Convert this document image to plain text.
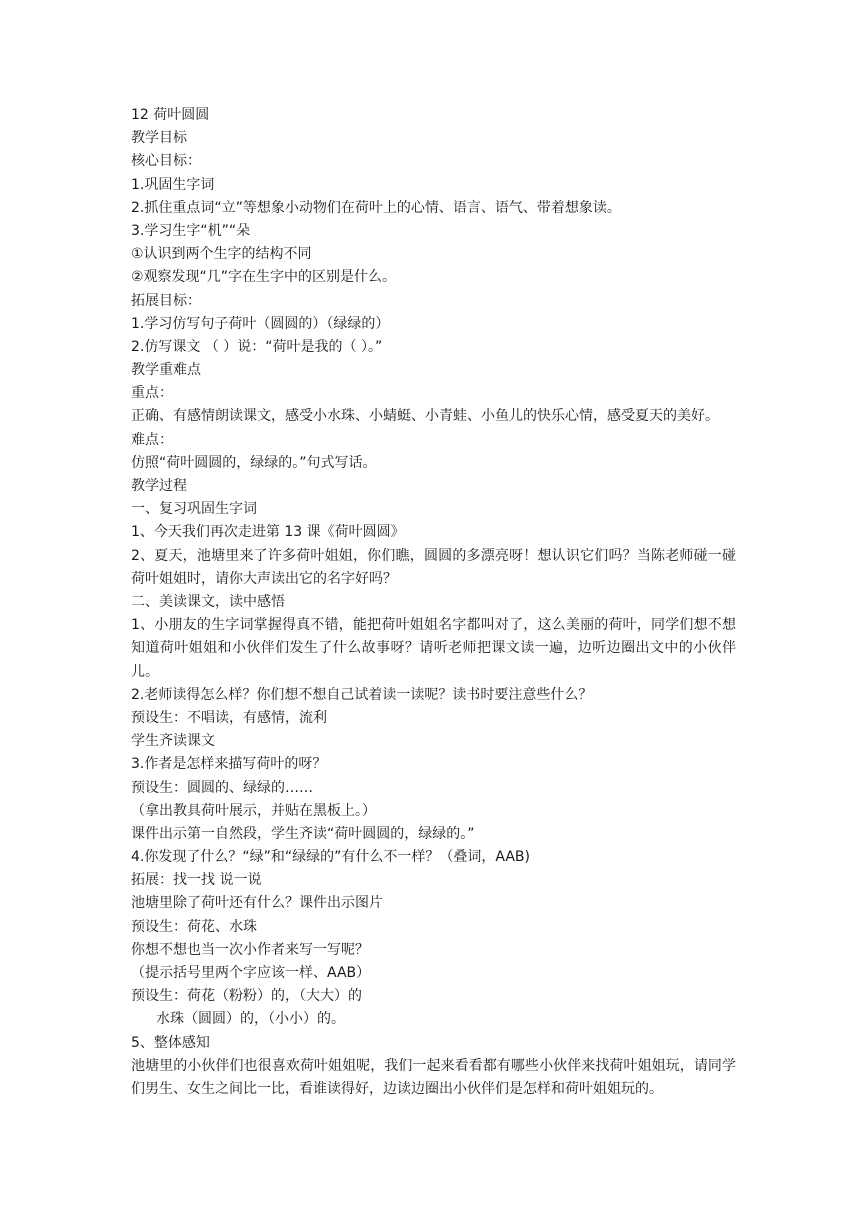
12 荷叶圆圆

教学目标

核心目标：

1.巩固生字词

2.抓住重点词“立”等想象小动物们在荷叶上的心情、语言、语气、带着想象读。

3.学习生字“机”“朵

①认识到两个生字的结构不同

②观察发现“几”字在生字中的区别是什么。

拓展目标：

1.学习仿写句子荷叶（圆圆的）（绿绿的）

2.仿写课文 （ ）说：“荷叶是我的（ ）。”

教学重难点

重点：

正确、有感情朗读课文，感受小水珠、小蜻蜓、小青蛙、小鱼儿的快乐心情，感受夏天的美好。

难点：

仿照“荷叶圆圆的，绿绿的。”句式写话。

教学过程

一、复习巩固生字词

1、今天我们再次走进第 13 课《荷叶圆圆》

2、夏天，池塘里来了许多荷叶姐姐，你们瞧，圆圆的多漂亮呀！想认识它们吗？当陈老师碰一碰荷叶姐姐时，请你大声读出它的名字好吗？

二、美读课文，读中感悟

1、小朋友的生字词掌握得真不错，能把荷叶姐姐名字都叫对了，这么美丽的荷叶，同学们想不想知道荷叶姐姐和小伙伴们发生了什么故事呀？请听老师把课文读一遍，边听边圈出文中的小伙伴儿。

2.老师读得怎么样？你们想不想自己试着读一读呢？读书时要注意些什么？

预设生：不唱读，有感情，流利

学生齐读课文

3.作者是怎样来描写荷叶的呀？

预设生：圆圆的、绿绿的……

（拿出教具荷叶展示，并贴在黑板上。）

课件出示第一自然段，学生齐读“荷叶圆圆的，绿绿的。”

4.你发现了什么？“绿”和“绿绿的”有什么不一样？（叠词，AAB)

拓展：找一找 说一说

池塘里除了荷叶还有什么？课件出示图片

预设生：荷花、水珠

你想不想也当一次小作者来写一写呢？

（提示括号里两个字应该一样、AAB）

预设生：荷花（粉粉）的，（大大）的

水珠（圆圆）的，（小小）的。

5、整体感知

池塘里的小伙伴们也很喜欢荷叶姐姐呢，我们一起来看看都有哪些小伙伴来找荷叶姐姐玩，请同学们男生、女生之间比一比，看谁读得好，边读边圈出小伙伴们是怎样和荷叶姐姐玩的。
